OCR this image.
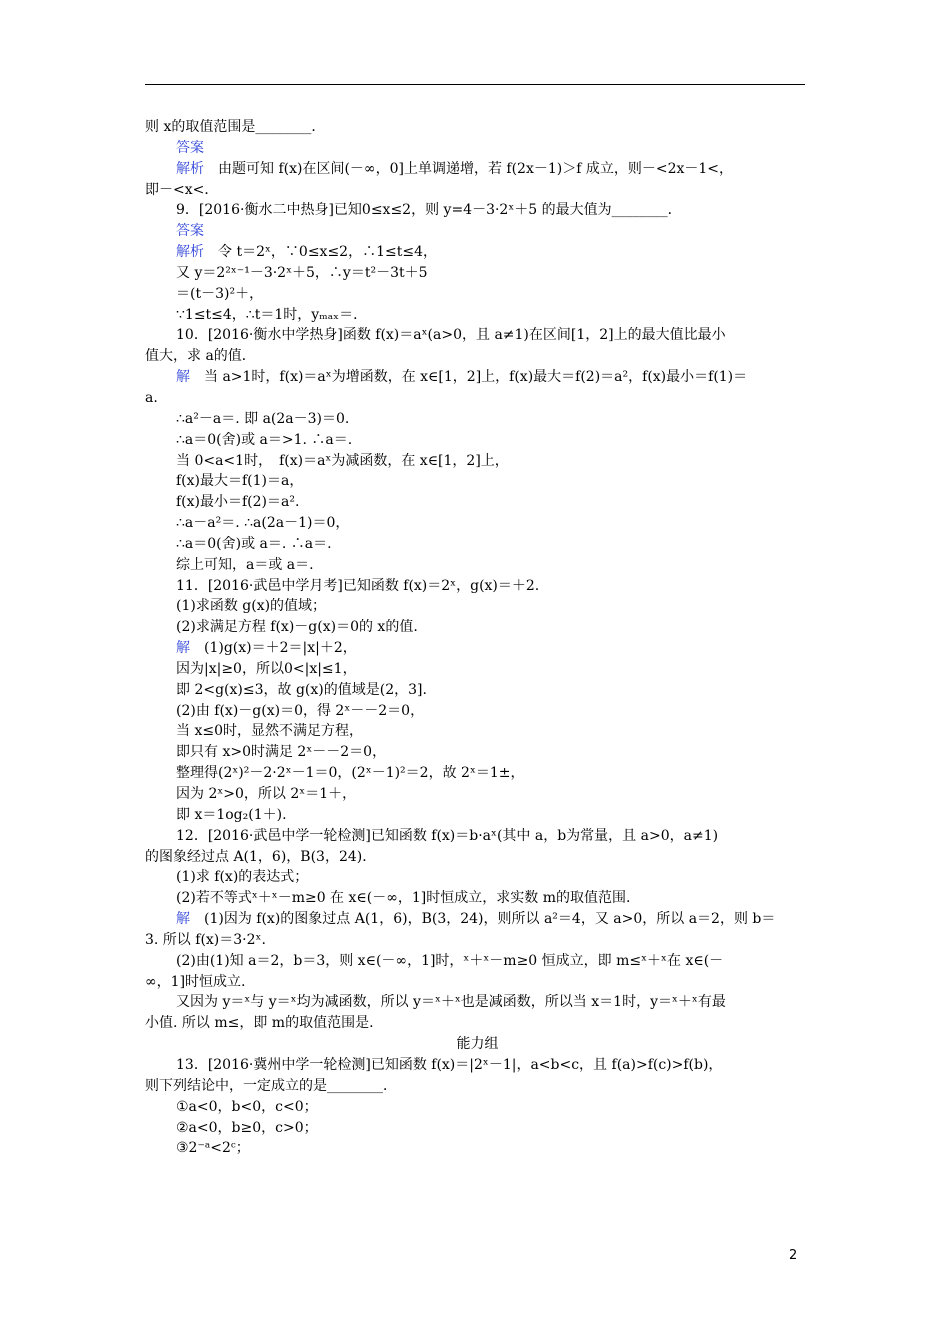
则 x的取值范围是________．
答案
解析　由题可知 f(x)在区间(－∞，0]上单调递增，若 f(2x－1)＞f 成立，则－<2x－1<，
即－<x<．
9．[2016·衡水二中热身]已知0≤x≤2，则 y=4－3·2ˣ＋5 的最大值为________．
答案
解析　令 t＝2ˣ，∵0≤x≤2，∴1≤t≤4，
又 y＝2²ˣ⁻¹－3·2ˣ＋5，∴y＝t²－3t＋5
＝(t－3)²＋，
∵1≤t≤4，∴t＝1时，yₘₐₓ＝．
10．[2016·衡水中学热身]函数 f(x)＝aˣ(a>0，且 a≠1)在区间[1，2]上的最大值比最小
值大，求 a的值．
解　当 a>1时，f(x)＝aˣ为增函数，在 x∈[1，2]上，f(x)最大＝f(2)＝a²，f(x)最小＝f(1)＝
a.
∴a²－a＝. 即 a(2a－3)＝0.
∴a＝0(舍)或 a＝>1. ∴a＝.
当 0<a<1时，　f(x)＝aˣ为减函数，在 x∈[1，2]上，
f(x)最大＝f(1)＝a，
f(x)最小＝f(2)＝a².
∴a－a²＝. ∴a(2a－1)＝0，
∴a＝0(舍)或 a＝. ∴a＝.
综上可知，a＝或 a＝.
11．[2016·武邑中学月考]已知函数 f(x)＝2ˣ，g(x)＝＋2.
(1)求函数 g(x)的值域；
(2)求满足方程 f(x)－g(x)＝0的 x的值.
解　(1)g(x)＝＋2＝|x|＋2，
因为|x|≥0，所以0<|x|≤1，
即 2<g(x)≤3，故 g(x)的值域是(2，3].
(2)由 f(x)－g(x)＝0，得 2ˣ－－2＝0，
当 x≤0时，显然不满足方程，
即只有 x>0时满足 2ˣ－－2＝0，
整理得(2ˣ)²－2·2ˣ－1＝0，(2ˣ－1)²＝2，故 2ˣ＝1±，
因为 2ˣ>0，所以 2ˣ＝1＋，
即 x＝1og₂(1＋).
12．[2016·武邑中学一轮检测]已知函数 f(x)＝b·aˣ(其中 a，b为常量，且 a>0，a≠1)
的图象经过点 A(1，6)，B(3，24)．
(1)求 f(x)的表达式；
(2)若不等式ˣ＋ˣ－m≥0 在 x∈(－∞，1]时恒成立，求实数 m的取值范围.
解　(1)因为 f(x)的图象过点 A(1，6)，B(3，24)，则所以 a²＝4，又 a>0，所以 a＝2，则 b＝
3. 所以 f(x)＝3·2ˣ.
(2)由(1)知 a＝2，b＝3，则 x∈(－∞，1]时，ˣ＋ˣ－m≥0 恒成立，即 m≤ˣ＋ˣ在 x∈(－
∞，1]时恒成立.
又因为 y＝ˣ与 y＝ˣ均为减函数，所以 y＝ˣ＋ˣ也是减函数，所以当 x＝1时，y＝ˣ＋ˣ有最
小值. 所以 m≤，即 m的取值范围是.
能力组
13．[2016·冀州中学一轮检测]已知函数 f(x)＝|2ˣ－1|，a<b<c，且 f(a)>f(c)>f(b)，
则下列结论中，一定成立的是________．
①a<0，b<0，c<0；
②a<0，b≥0，c>0；
③2⁻ᵃ<2ᶜ；
2
